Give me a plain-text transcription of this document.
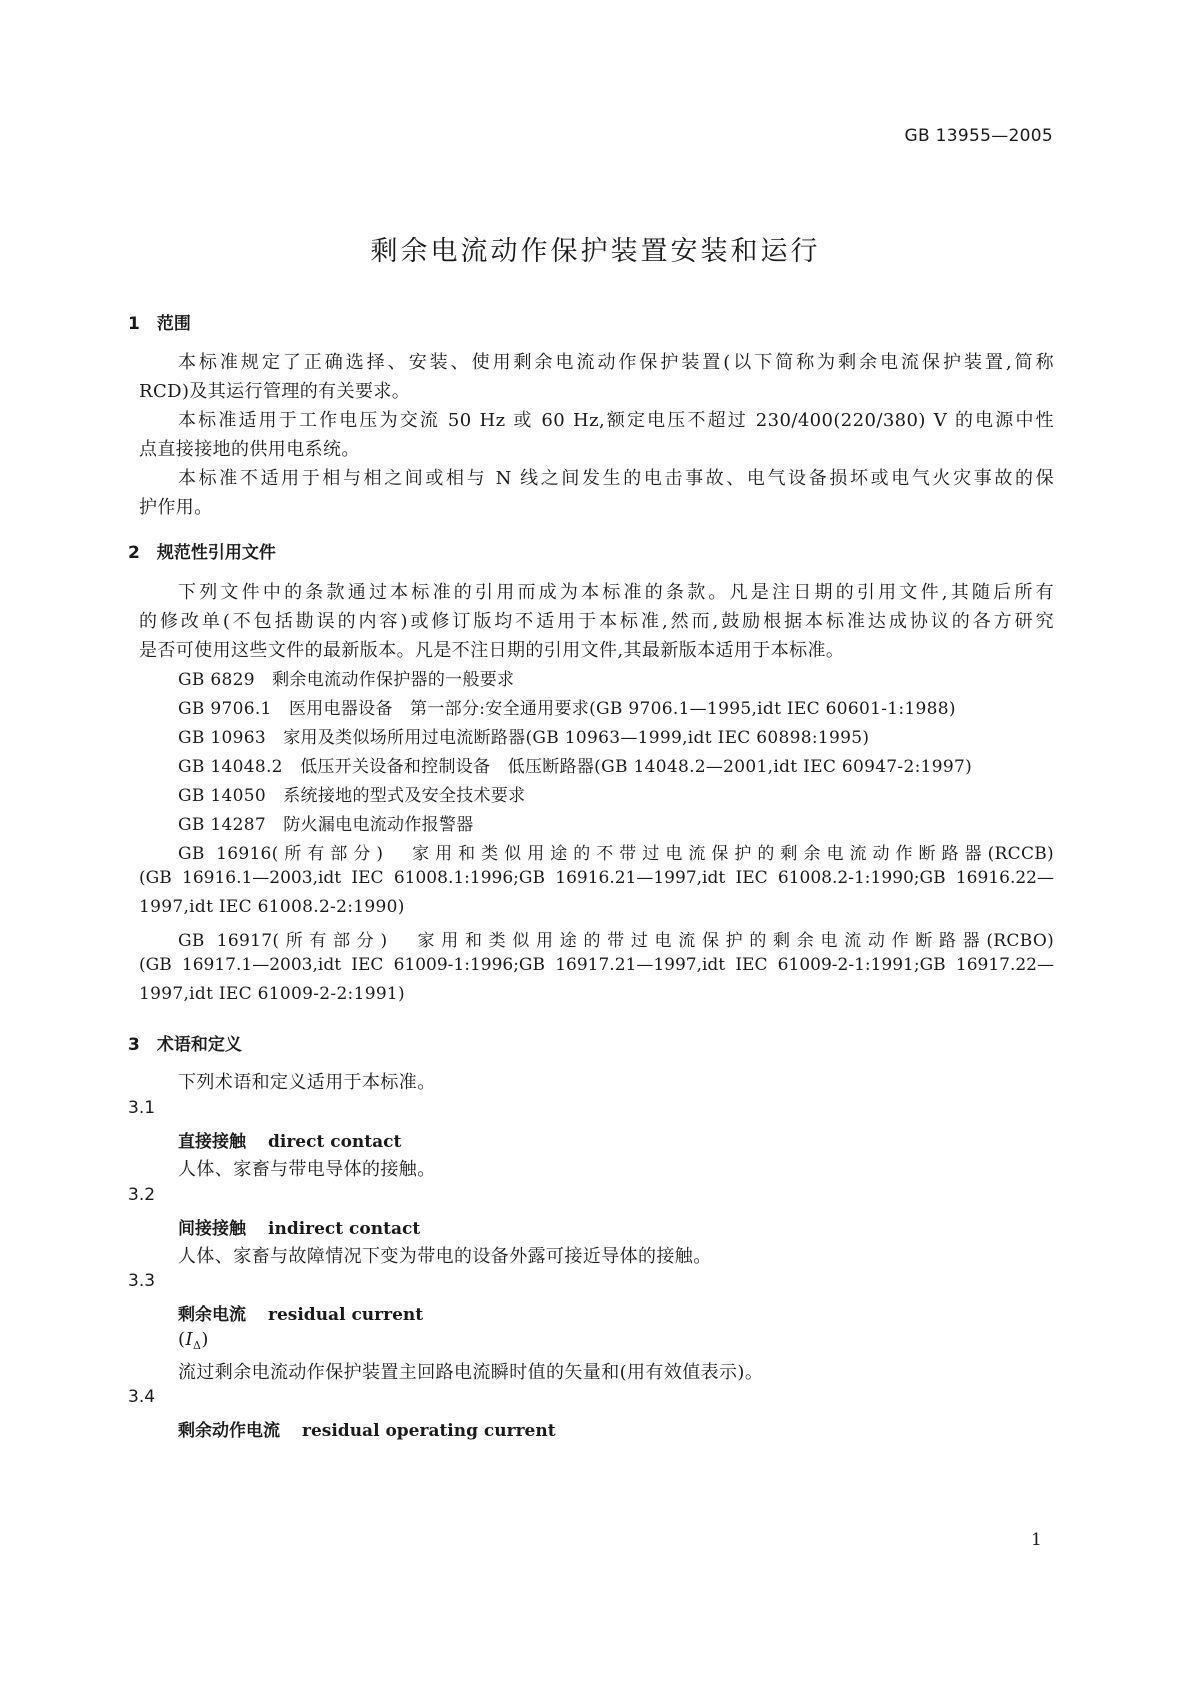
GB 13955—2005
剩余电流动作保护装置安装和运行
1　范围
本标准规定了正确选择、安装、使用剩余电流动作保护装置(以下简称为剩余电流保护装置,简称
RCD)及其运行管理的有关要求。
本标准适用于工作电压为交流 50 Hz 或 60 Hz,额定电压不超过 230/400(220/380) V 的电源中性
点直接接地的供用电系统。
本标准不适用于相与相之间或相与 N 线之间发生的电击事故、电气设备损坏或电气火灾事故的保
护作用。
2　规范性引用文件
下列文件中的条款通过本标准的引用而成为本标准的条款。凡是注日期的引用文件,其随后所有
的修改单(不包括勘误的内容)或修订版均不适用于本标准,然而,鼓励根据本标准达成协议的各方研究
是否可使用这些文件的最新版本。凡是不注日期的引用文件,其最新版本适用于本标准。
GB 6829　剩余电流动作保护器的一般要求
GB 9706.1　医用电器设备　第一部分:安全通用要求(GB 9706.1—1995,idt IEC 60601-1:1988)
GB 10963　家用及类似场所用过电流断路器(GB 10963—1999,idt IEC 60898:1995)
GB 14048.2　低压开关设备和控制设备　低压断路器(GB 14048.2—2001,idt IEC 60947-2:1997)
GB 14050　系统接地的型式及安全技术要求
GB 14287　防火漏电电流动作报警器
GB 16916(所有部分)　家用和类似用途的不带过电流保护的剩余电流动作断路器(RCCB)
(GB 16916.1—2003,idt IEC 61008.1:1996;GB 16916.21—1997,idt IEC 61008.2-1:1990;GB 16916.22—
1997,idt IEC 61008.2-2:1990)
GB 16917(所有部分)　家用和类似用途的带过电流保护的剩余电流动作断路器(RCBO)
(GB 16917.1—2003,idt IEC 61009-1:1996;GB 16917.21—1997,idt IEC 61009-2-1:1991;GB 16917.22—
1997,idt IEC 61009-2-2:1991)
3　术语和定义
下列术语和定义适用于本标准。
3.1
直接接触 direct contact
人体、家畜与带电导体的接触。
3.2
间接接触 indirect contact
人体、家畜与故障情况下变为带电的设备外露可接近导体的接触。
3.3
剩余电流 residual current
$(I_\Delta)$
流过剩余电流动作保护装置主回路电流瞬时值的矢量和(用有效值表示)。
3.4
剩余动作电流 residual operating current
1
